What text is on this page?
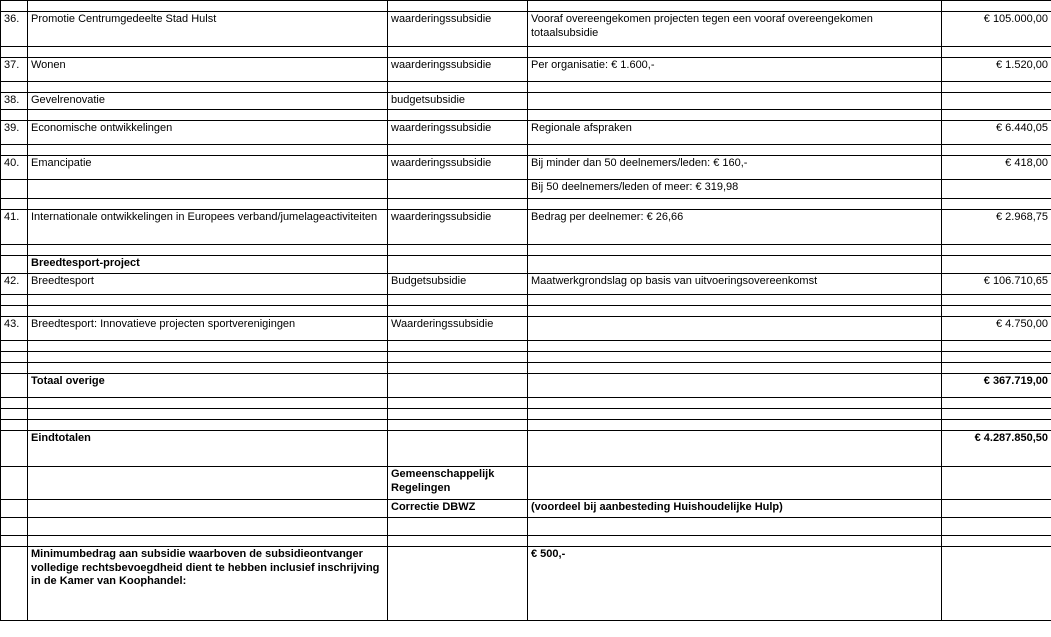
36.	Promotie Centrumgedeelte Stad Hulst	waarderingssubsidie	Vooraf overeengekomen projecten tegen een vooraf overeengekomen totaalsubsidie	€ 105.000,00

37.	Wonen	waarderingssubsidie	Per organisatie: € 1.600,-	€ 1.520,00

38.	Gevelrenovatie	budgetsubsidie		

39.	Economische ontwikkelingen	waarderingssubsidie	Regionale afspraken	€ 6.440,05

40.	Emancipatie	waarderingssubsidie	Bij minder dan 50 deelnemers/leden: € 160,-	€ 418,00
			Bij 50 deelnemers/leden of meer: € 319,98	

41.	Internationale ontwikkelingen in Europees verband/jumelageactiviteiten	waarderingssubsidie	Bedrag per deelnemer: € 26,66	€ 2.968,75

	Breedtesport-project			
42.	Breedtesport	Budgetsubsidie	Maatwerkgrondslag op basis van uitvoeringsovereenkomst	€ 106.710,65

43.	Breedtesport: Innovatieve projecten sportverenigingen	Waarderingssubsidie		€ 4.750,00

	Totaal overige			€ 367.719,00

	Eindtotalen			€ 4.287.850,50
		Gemeenschappelijk Regelingen		
		Correctie DBWZ	(voordeel bij aanbesteding Huishoudelijke Hulp)	

	Minimumbedrag aan subsidie waarboven de subsidieontvanger volledige rechtsbevoegdheid dient te hebben inclusief inschrijving in de Kamer van Koophandel:		€ 500,-	
